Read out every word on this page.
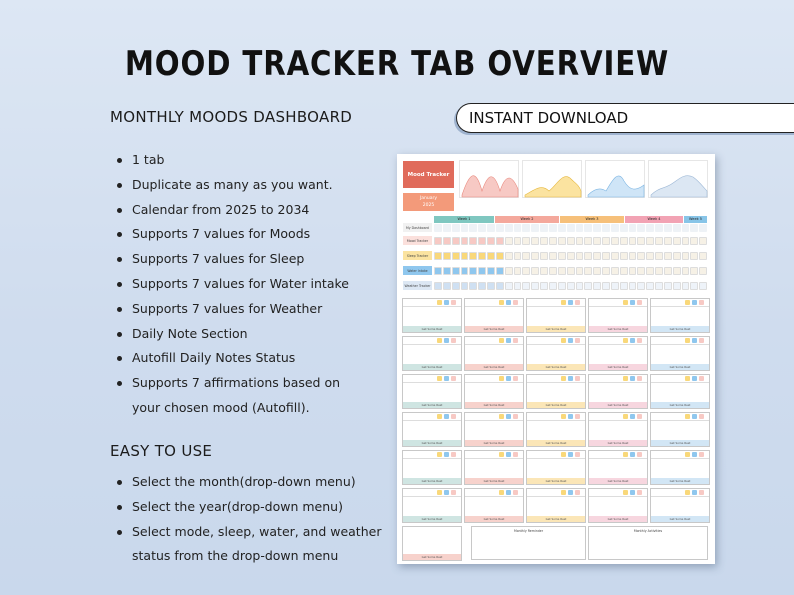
MOOD TRACKER TAB OVERVIEW
MONTHLY MOODS DASHBOARD	INSTANT DOWNLOAD
1 tab
Duplicate as many as you want.
Calendar from 2025 to 2034
Supports 7 values for Moods
Supports 7 values for Sleep
Supports 7 values for Water intake
Supports 7 values for Weather
Daily Note Section
Autofill Daily Notes Status
Supports 7 affirmations based on
your chosen mood (Autofill).
EASY TO USE
Select the month(drop-down menu)
Select the year(drop-down menu)
Select mode, sleep, water, and weather
status from the drop-down menu
Mood Tracker
January
2025
Week 1	Week 2	Week 3	Week 4	Week 5
My Dashboard
Mood Tracker
Sleep Tracker
Water Intake
Weather Tracker
Get Some Rest	Get Some Rest	Get Some Rest	Get Some Rest	Get Some Rest
Get Some Rest	Get Some Rest	Get Some Rest	Get Some Rest	Get Some Rest
Get Some Rest	Get Some Rest	Get Some Rest	Get Some Rest	Get Some Rest
Get Some Rest	Get Some Rest	Get Some Rest	Get Some Rest	Get Some Rest
Get Some Rest	Get Some Rest	Get Some Rest	Get Some Rest	Get Some Rest
Get Some Rest	Get Some Rest	Get Some Rest	Get Some Rest	Get Some Rest
Get Some Rest
Monthly Reminder	Monthly Activities
